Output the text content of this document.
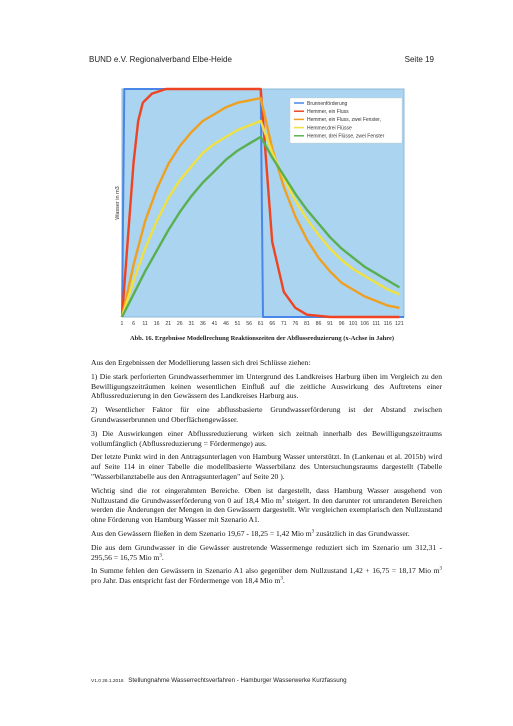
BUND e.V. Regionalverband Elbe-Heide	Seite 19
Brunnenförderung
Hemmer, ein Fluss
Hemmer, ein Fluss, zwei Fenster,
Hemmer,drei Flüsse
Hemmer, drei Flüsse, zwei Fenster
1 6 11 16 21 26 31 36 41 46 51 56 61 66 71 76 81 86 91 96 101 106 111 116 121
Wasser in m3
Abb. 16. Ergebnisse Modellrechung Reaktionszeiten der Abflussreduzierung (x-Achse in Jahre)

Aus den Ergebnissen der Modellierung lassen sich drei Schlüsse ziehen:

1) Die stark perforierten Grundwasserhemmer im Untergrund des Landkreises Harburg üben im Vergleich zu den Bewilligungszeiträumen keinen wesentlichen Einfluß auf die zeitliche Auswirkung des Auftretens einer Abflussreduzierung in den Gewässern des Landkreises Harburg aus.

2) Wesentlicher Faktor für eine abflussbasierte Grundwasserförderung ist der Abstand zwischen Grundwasserbrunnen und Oberflächengewässer.

3) Die Auswirkungen einer Abflussreduzierung wirken sich zeitnah innerhalb des Bewilligungszeitraums vollumfänglich (Abflussreduzierung = Fördermenge) aus.

Der letzte Punkt wird in den Antragsunterlagen von Hamburg Wasser unterstützt. In (Lankenau et al. 2015b) wird auf Seite 114 in einer Tabelle die modellbasierte Wasserbilanz des Untersuchungsraums dargestellt (Tabelle "Wasserbilanztabelle aus den Antragsunterlagen" auf Seite 20 ).

Wichtig sind die rot eingerahmten Bereiche. Oben ist dargestellt, dass Hamburg Wasser ausgehend von Nullzustand die Grundwasserförderung von 0 auf 18,4 Mio $m^3$ steigert. In den darunter rot umrandeten Bereichen werden die Änderungen der Mengen in den Gewässern dargestellt. Wir vergleichen exemplarisch den Nullzustand ohne Förderung von Hamburg Wasser mit Szenario A1.

Aus den Gewässern fließen in dem Szenario 19,67 - 18,25 = 1,42 Mio $m^3$ zusätzlich in das Grundwasser.

Die aus dem Grundwasser in die Gewässer austretende Wassermenge reduziert sich im Szenario um 312,31 - 295,56 = 16,75 Mio $m^3$.

In Summe fehlen den Gewässern in Szenario A1 also gegenüber dem Nullzustand 1,42 + 16,75 = 18,17 Mio $m^3$ pro Jahr. Das entspricht fast der Fördermenge von 18,4 Mio $m^3$.

V1.0 26.1.2016 Stellungnahme Wasserrechtsverfahren - Hamburger Wasserwerke Kurzfassung
